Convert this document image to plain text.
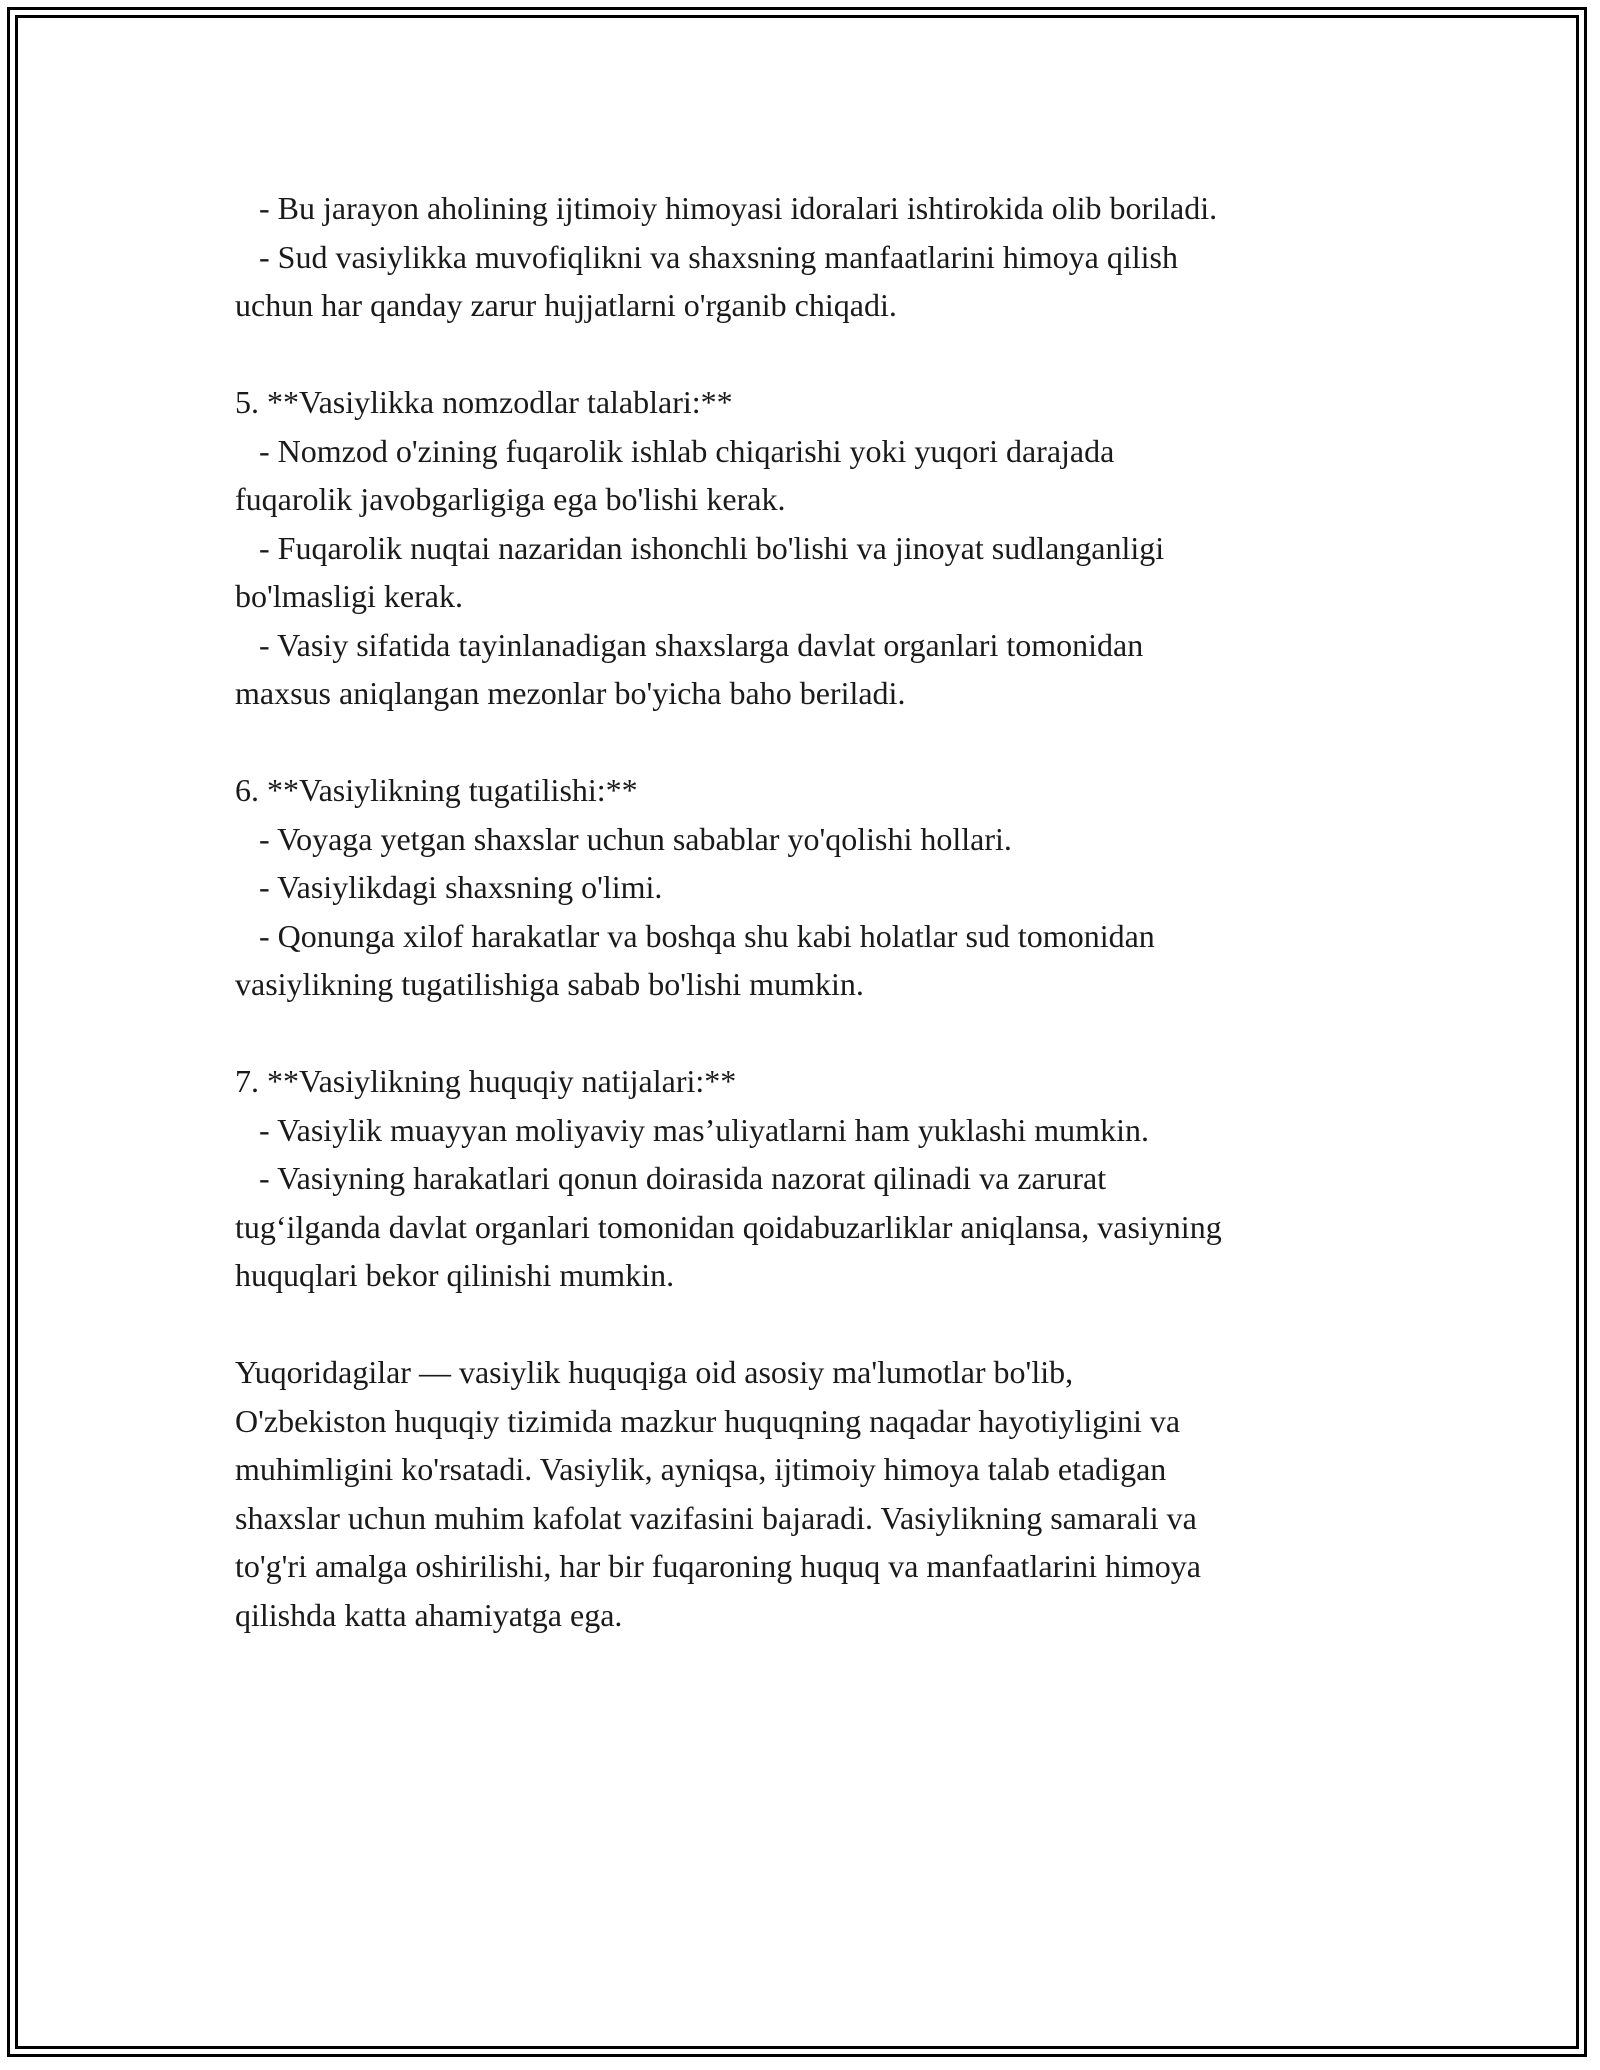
- Bu jarayon aholining ijtimoiy himoyasi idoralari ishtirokida olib boriladi.
- Sud vasiylikka muvofiqlikni va shaxsning manfaatlarini himoya qilish
uchun har qanday zarur hujjatlarni o'rganib chiqadi.
5. **Vasiylikka nomzodlar talablari:**
- Nomzod o'zining fuqarolik ishlab chiqarishi yoki yuqori darajada
fuqarolik javobgarligiga ega bo'lishi kerak.
- Fuqarolik nuqtai nazaridan ishonchli bo'lishi va jinoyat sudlanganligi
bo'lmasligi kerak.
- Vasiy sifatida tayinlanadigan shaxslarga davlat organlari tomonidan
maxsus aniqlangan mezonlar bo'yicha baho beriladi.
6. **Vasiylikning tugatilishi:**
- Voyaga yetgan shaxslar uchun sabablar yo'qolishi hollari.
- Vasiylikdagi shaxsning o'limi.
- Qonunga xilof harakatlar va boshqa shu kabi holatlar sud tomonidan
vasiylikning tugatilishiga sabab bo'lishi mumkin.
7. **Vasiylikning huquqiy natijalari:**
- Vasiylik muayyan moliyaviy mas’uliyatlarni ham yuklashi mumkin.
- Vasiyning harakatlari qonun doirasida nazorat qilinadi va zarurat
tug‘ilganda davlat organlari tomonidan qoidabuzarliklar aniqlansa, vasiyning
huquqlari bekor qilinishi mumkin.
Yuqoridagilar — vasiylik huquqiga oid asosiy ma'lumotlar bo'lib,
O'zbekiston huquqiy tizimida mazkur huquqning naqadar hayotiyligini va
muhimligini ko'rsatadi. Vasiylik, ayniqsa, ijtimoiy himoya talab etadigan
shaxslar uchun muhim kafolat vazifasini bajaradi. Vasiylikning samarali va
to'g'ri amalga oshirilishi, har bir fuqaroning huquq va manfaatlarini himoya
qilishda katta ahamiyatga ega.
